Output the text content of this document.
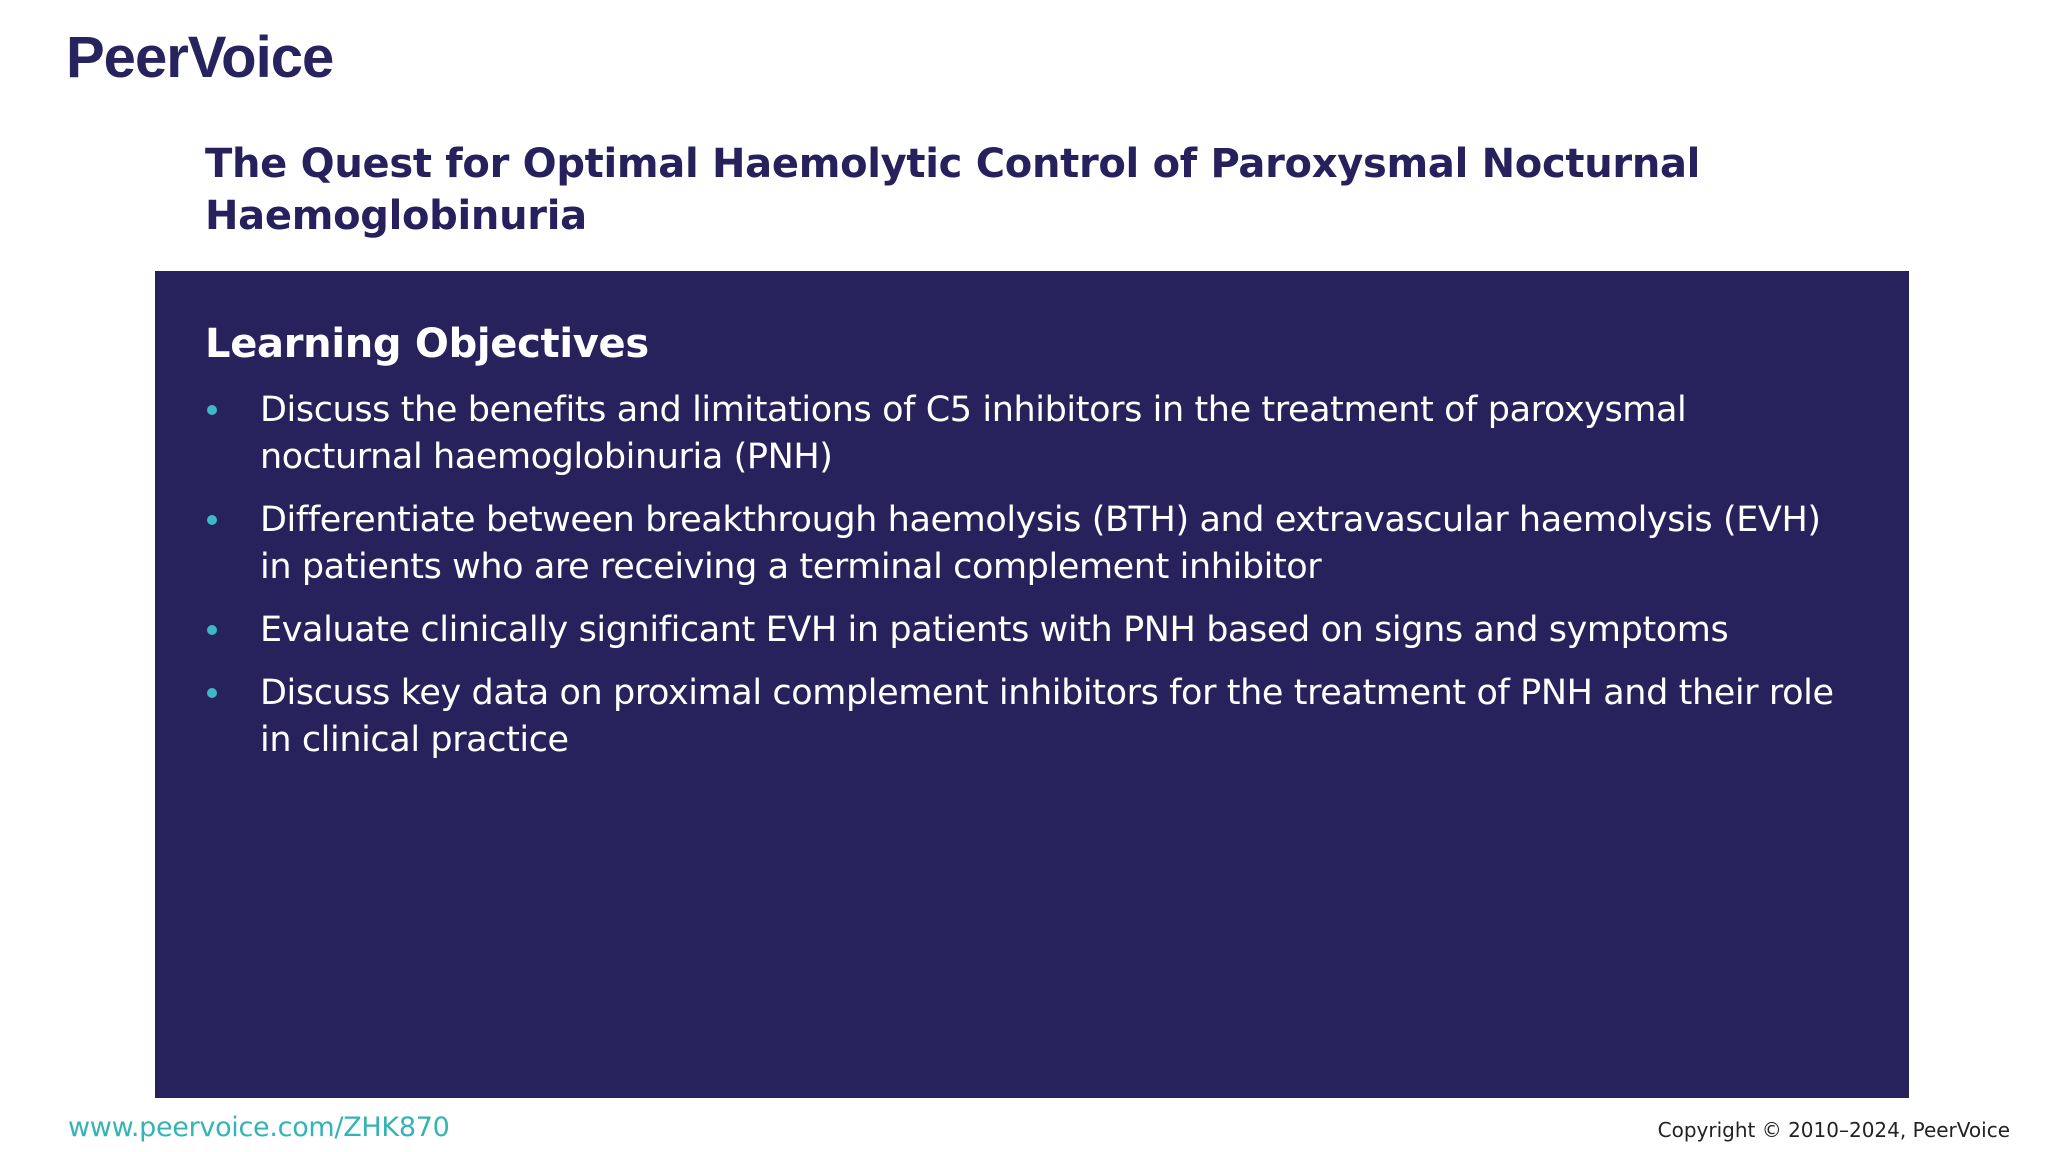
PeerVoice
The Quest for Optimal Haemolytic Control of Paroxysmal Nocturnal Haemoglobinuria
Learning Objectives
Discuss the benefits and limitations of C5 inhibitors in the treatment of paroxysmal nocturnal haemoglobinuria (PNH)
Differentiate between breakthrough haemolysis (BTH) and extravascular haemolysis (EVH) in patients who are receiving a terminal complement inhibitor
Evaluate clinically significant EVH in patients with PNH based on signs and symptoms
Discuss key data on proximal complement inhibitors for the treatment of PNH and their role in clinical practice
www.peervoice.com/ZHK870	Copyright © 2010–2024, PeerVoice
